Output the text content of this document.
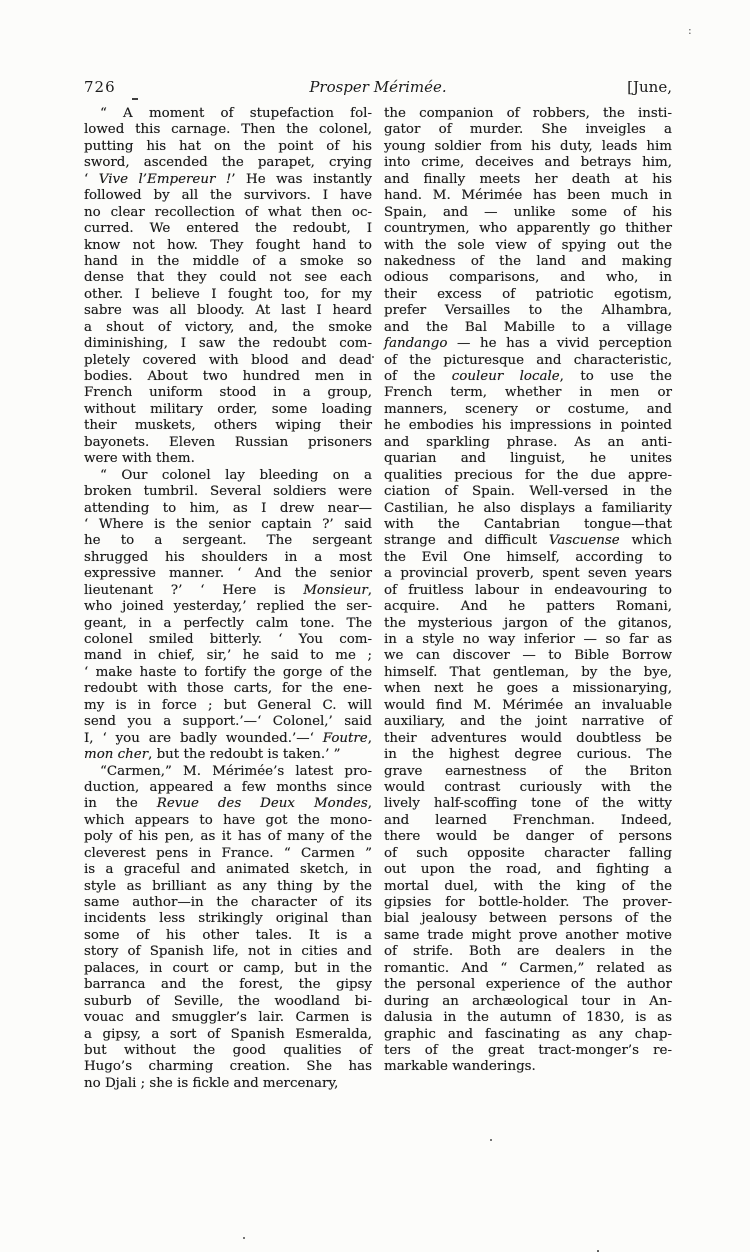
726	Prosper Mérimée.	[June,
“ A moment of stupefaction fol-
lowed this carnage. Then the colonel,
putting his hat on the point of his
sword, ascended the parapet, crying
‘ Vive l’Empereur !’ He was instantly
followed by all the survivors. I have
no clear recollection of what then oc-
curred. We entered the redoubt, I
know not how. They fought hand to
hand in the middle of a smoke so
dense that they could not see each
other. I believe I fought too, for my
sabre was all bloody. At last I heard
a shout of victory, and, the smoke
diminishing, I saw the redoubt com-
pletely covered with blood and dead
bodies. About two hundred men in
French uniform stood in a group,
without military order, some loading
their muskets, others wiping their
bayonets. Eleven Russian prisoners
were with them.
“ Our colonel lay bleeding on a
broken tumbril. Several soldiers were
attending to him, as I drew near—
‘ Where is the senior captain ?’ said
he to a sergeant. The sergeant
shrugged his shoulders in a most
expressive manner. ‘ And the senior
lieutenant ?’ ‘ Here is Monsieur,
who joined yesterday,’ replied the ser-
geant, in a perfectly calm tone. The
colonel smiled bitterly. ‘ You com-
mand in chief, sir,’ he said to me ;
‘ make haste to fortify the gorge of the
redoubt with those carts, for the ene-
my is in force ; but General C. will
send you a support.’—‘ Colonel,’ said
I, ‘ you are badly wounded.’—‘ Foutre,
mon cher, but the redoubt is taken.’ ”
“Carmen,” M. Mérimée’s latest pro-
duction, appeared a few months since
in the Revue des Deux Mondes,
which appears to have got the mono-
poly of his pen, as it has of many of the
cleverest pens in France. “ Carmen ”
is a graceful and animated sketch, in
style as brilliant as any thing by the
same author—in the character of its
incidents less strikingly original than
some of his other tales. It is a
story of Spanish life, not in cities and
palaces, in court or camp, but in the
barranca and the forest, the gipsy
suburb of Seville, the woodland bi-
vouac and smuggler’s lair. Carmen is
a gipsy, a sort of Spanish Esmeralda,
but without the good qualities of
Hugo’s charming creation. She has
no Djali ; she is fickle and mercenary,
the companion of robbers, the insti-
gator of murder. She inveigles a
young soldier from his duty, leads him
into crime, deceives and betrays him,
and finally meets her death at his
hand. M. Mérimée has been much in
Spain, and — unlike some of his
countrymen, who apparently go thither
with the sole view of spying out the
nakedness of the land and making
odious comparisons, and who, in
their excess of patriotic egotism,
prefer Versailles to the Alhambra,
and the Bal Mabille to a village
fandango — he has a vivid perception
of the picturesque and characteristic,
of the couleur locale, to use the
French term, whether in men or
manners, scenery or costume, and
he embodies his impressions in pointed
and sparkling phrase. As an anti-
quarian and linguist, he unites
qualities precious for the due appre-
ciation of Spain. Well-versed in the
Castilian, he also displays a familiarity
with the Cantabrian tongue—that
strange and difficult Vascuense which
the Evil One himself, according to
a provincial proverb, spent seven years
of fruitless labour in endeavouring to
acquire. And he patters Romani,
the mysterious jargon of the gitanos,
in a style no way inferior — so far as
we can discover — to Bible Borrow
himself. That gentleman, by the bye,
when next he goes a missionarying,
would find M. Mérimée an invaluable
auxiliary, and the joint narrative of
their adventures would doubtless be
in the highest degree curious. The
grave earnestness of the Briton
would contrast curiously with the
lively half-scoffing tone of the witty
and learned Frenchman. Indeed,
there would be danger of persons
of such opposite character falling
out upon the road, and fighting a
mortal duel, with the king of the
gipsies for bottle-holder. The prover-
bial jealousy between persons of the
same trade might prove another motive
of strife. Both are dealers in the
romantic. And “ Carmen,” related as
the personal experience of the author
during an archæological tour in An-
dalusia in the autumn of 1830, is as
graphic and fascinating as any chap-
ters of the great tract-monger’s re-
markable wanderings.
:
